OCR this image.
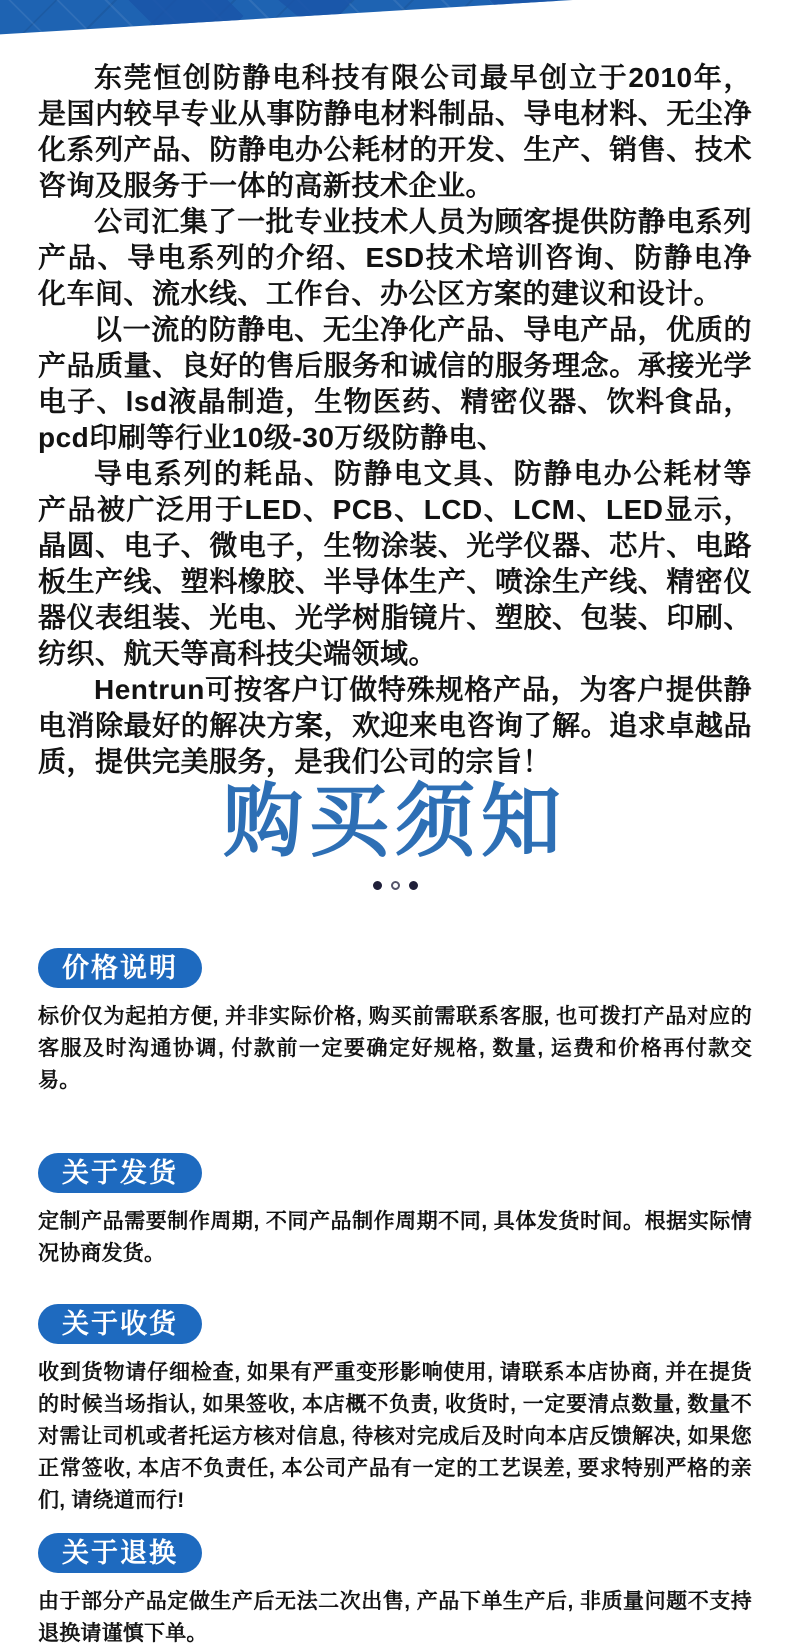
东莞恒创防静电科技有限公司最早创立于2010年，是国内较早专业从事防静电材料制品、导电材料、无尘净化系列产品、防静电办公耗材的开发、生产、销售、技术咨询及服务于一体的高新技术企业。

公司汇集了一批专业技术人员为顾客提供防静电系列产品、导电系列的介绍、ESD技术培训咨询、防静电净化车间、流水线、工作台、办公区方案的建议和设计。

以一流的防静电、无尘净化产品、导电产品，优质的产品质量、良好的售后服务和诚信的服务理念。承接光学电子、lsd液晶制造，生物医药、精密仪器、饮料食品，pcd印刷等行业10级-30万级防静电、

导电系列的耗品、防静电文具、防静电办公耗材等 产品被广泛用于LED、PCB、LCD、LCM、LED显示，晶圆、电子、微电子，生物涂装、光学仪器、芯片、电路板生产线、塑料橡胶、半导体生产、喷涂生产线、精密仪器仪表组装、光电、光学树脂镜片、塑胶、包装、印刷、纺织、航天等高科技尖端领域。

Hentrun可按客户订做特殊规格产品，为客户提供静电消除最好的解决方案，欢迎来电咨询了解。追求卓越品质，提供完美服务，是我们公司的宗旨！

购买须知
价格说明

标价仅为起拍方便, 并非实际价格, 购买前需联系客服, 也可拨打产品对应的客服及时沟通协调, 付款前一定要确定好规格, 数量, 运费和价格再付款交易。

关于发货

定制产品需要制作周期, 不同产品制作周期不同, 具体发货时间。根据实际情况协商发货。

关于收货

收到货物请仔细检查, 如果有严重变形影响使用, 请联系本店协商, 并在提货的时候当场指认, 如果签收, 本店概不负责, 收货时, 一定要清点数量, 数量不对需让司机或者托运方核对信息, 待核对完成后及时向本店反馈解决, 如果您正常签收, 本店不负责任, 本公司产品有一定的工艺误差, 要求特别严格的亲们, 请绕道而行!

关于退换

由于部分产品定做生产后无法二次出售, 产品下单生产后, 非质量问题不支持退换请谨慎下单。
